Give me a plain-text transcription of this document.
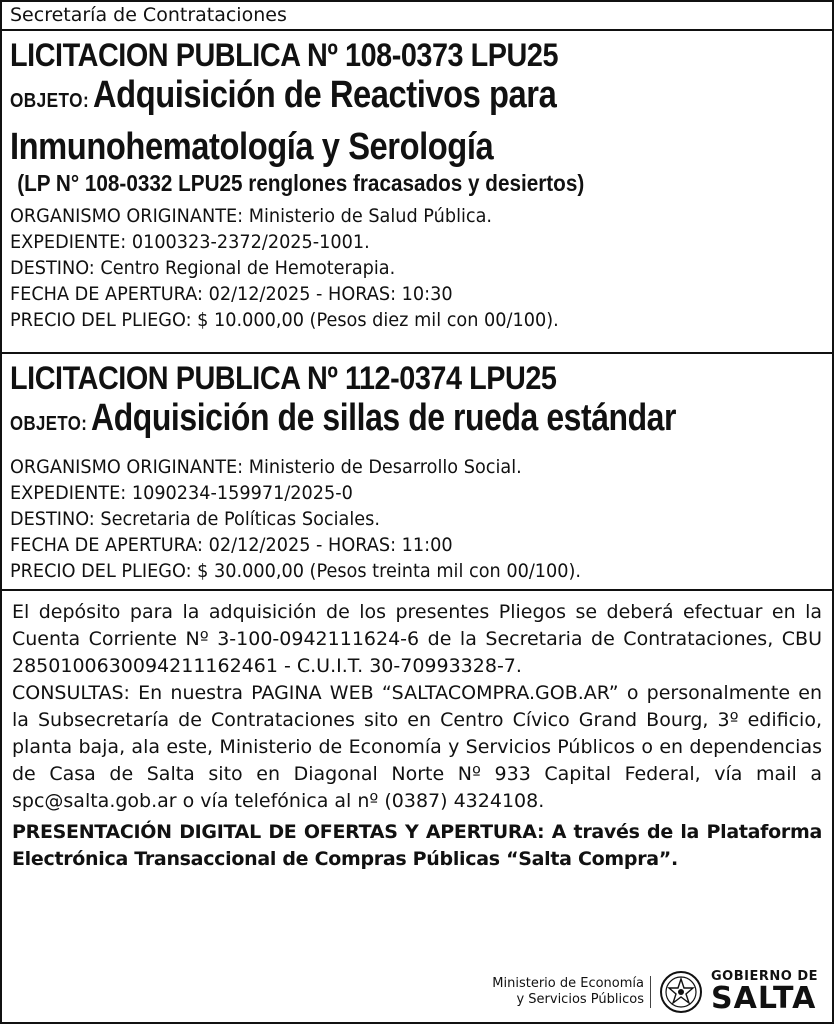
Secretaría de Contrataciones
LICITACION PUBLICA Nº 108-0373 LPU25
OBJETO: Adquisición de Reactivos para
Inmunohematología y Serología
(LP N° 108-0332 LPU25 renglones fracasados y desiertos)
ORGANISMO ORIGINANTE: Ministerio de Salud Pública.
EXPEDIENTE: 0100323-2372/2025-1001.
DESTINO: Centro Regional de Hemoterapia.
FECHA DE APERTURA: 02/12/2025 - HORAS: 10:30
PRECIO DEL PLIEGO: $ 10.000,00 (Pesos diez mil con 00/100).
LICITACION PUBLICA Nº 112-0374 LPU25
OBJETO: Adquisición de sillas de rueda estándar
ORGANISMO ORIGINANTE: Ministerio de Desarrollo Social.
EXPEDIENTE: 1090234-159971/2025-0
DESTINO: Secretaria de Políticas Sociales.
FECHA DE APERTURA: 02/12/2025 - HORAS: 11:00
PRECIO DEL PLIEGO: $ 30.000,00 (Pesos treinta mil con 00/100).

El depósito para la adquisición de los presentes Pliegos se deberá efectuar en la Cuenta Corriente Nº 3-100-0942111624-6 de la Secretaria de Contrataciones, CBU 2850100630094211162461 - C.U.I.T. 30-70993328-7.

CONSULTAS: En nuestra PAGINA WEB “SALTACOMPRA.GOB.AR” o personalmente en la Subsecretaría de Contrataciones sito en Centro Cívico Grand Bourg, 3º edificio, planta baja, ala este, Ministerio de Economía y Servicios Públicos o en dependencias de Casa de Salta sito en Diagonal Norte Nº 933 Capital Federal, vía mail a spc@salta.gob.ar o vía telefónica al nº (0387) 4324108.

PRESENTACIÓN DIGITAL DE OFERTAS Y APERTURA: A través de la Plataforma Electrónica Transaccional de Compras Públicas “Salta Compra”.

Ministerio de Economía
y Servicios Públicos
GOBIERNO DE
SALTA
